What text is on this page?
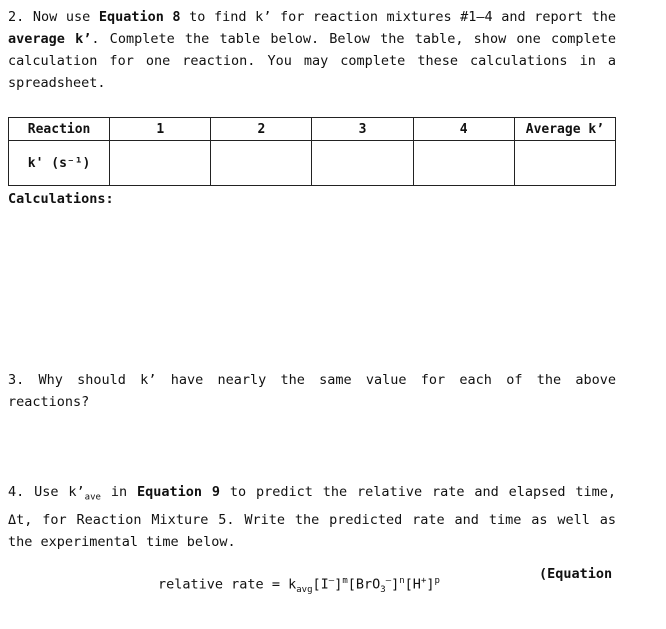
2. Now use Equation 8 to find k’ for reaction mixtures #1—4 and report the average k’. Complete the table below. Below the table, show one complete calculation for one reaction. You may complete these calculations in a spreadsheet.
Reaction	1	2	3	4	Average k’
k' (s⁻¹)					
Calculations:
3. Why should k’ have nearly the same value for each of the above reactions?
4. Use $k’_{ave}$ in Equation 9 to predict the relative rate and elapsed time, Δt, for Reaction Mixture 5. Write the predicted rate and time as well as the experimental time below.
relative rate = $k_{avg}[I^-]^m[BrO_3^-]^n[H^+]^p$	(Equation
